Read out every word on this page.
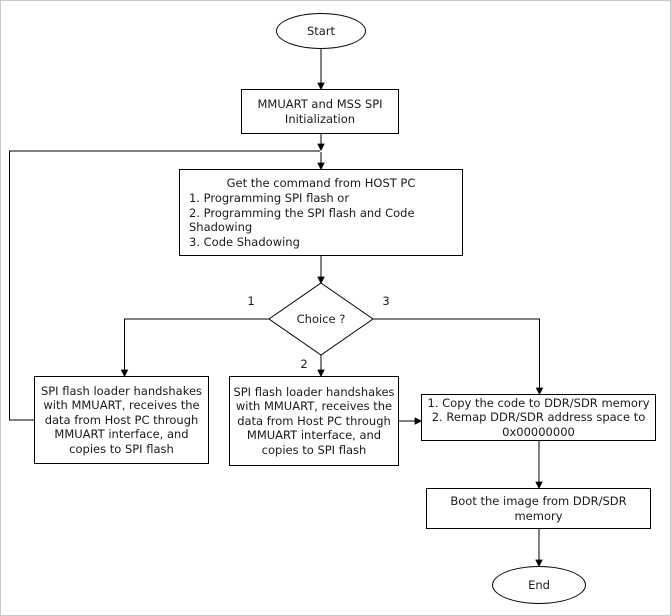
Start
MMUART and MSS SPI
Initialization
Get the command from HOST PC
1. Programming SPI flash or
2. Programming the SPI flash and Code
Shadowing
3. Code Shadowing
Choice ?
1
2
3
SPI flash loader handshakes
with MMUART, receives the
data from Host PC through
MMUART interface, and
copies to SPI flash
SPI flash loader handshakes
with MMUART, receives the
data from Host PC through
MMUART interface, and
copies to SPI flash
1. Copy the code to DDR/SDR memory
2. Remap DDR/SDR address space to
0x00000000
Boot the image from DDR/SDR
memory
End
